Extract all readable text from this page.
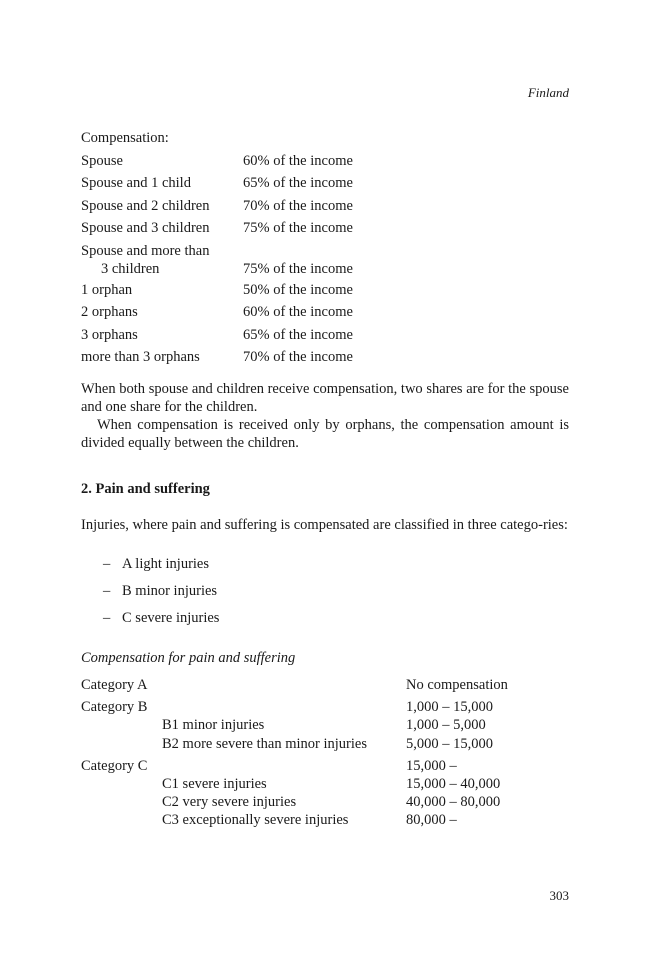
Finland
Compensation:
Spouse	60% of the income
Spouse and 1 child	65% of the income
Spouse and 2 children	70% of the income
Spouse and 3 children	75% of the income
Spouse and more than
3 children	75% of the income
1 orphan	50% of the income
2 orphans	60% of the income
3 orphans	65% of the income
more than 3 orphans	70% of the income

When both spouse and children receive compensation, two shares are for the spouse and one share for the children.

When compensation is received only by orphans, the compensation amount is divided equally between the children.

2. Pain and suffering

Injuries, where pain and suffering is compensated are classified in three catego-ries:

– A light injuries
– B minor injuries
– C severe injuries
Compensation for pain and suffering
Category A	No compensation
Category B	1,000 – 15,000
B1 minor injuries	1,000 – 5,000
B2 more severe than minor injuries	5,000 – 15,000
Category C	15,000 –
C1 severe injuries	15,000 – 40,000
C2 very severe injuries	40,000 – 80,000
C3 exceptionally severe injuries	80,000 –
303
